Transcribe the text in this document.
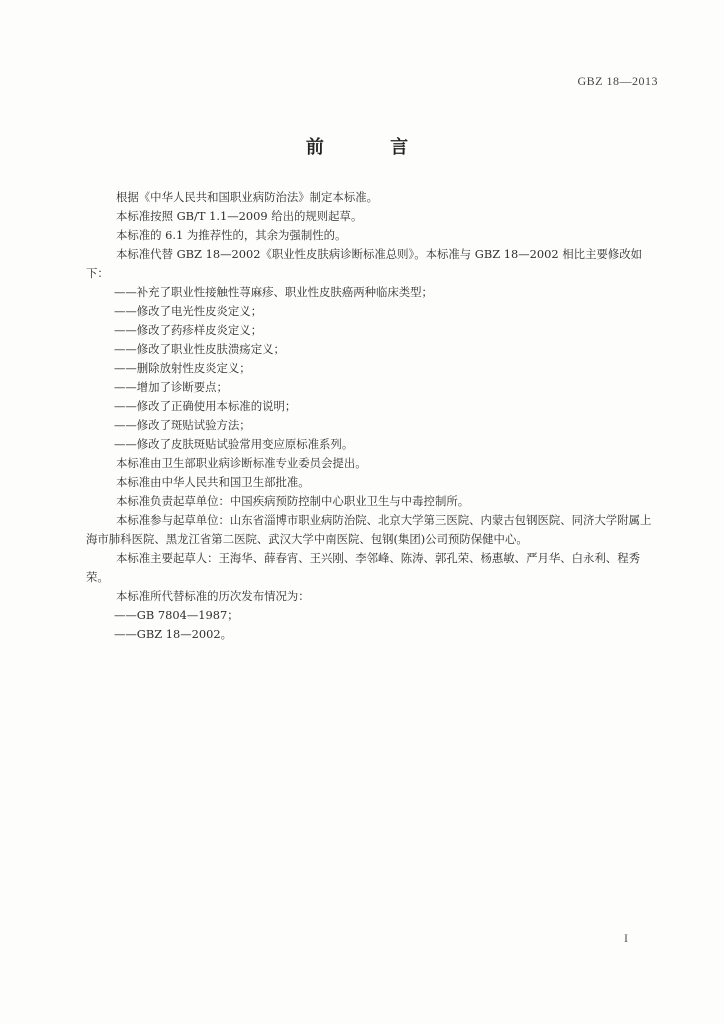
GBZ 18—2013
前 言

根据《中华人民共和国职业病防治法》制定本标准。

本标准按照 GB/T 1.1—2009 给出的规则起草。

本标准的 6.1 为推荐性的，其余为强制性的。

本标准代替 GBZ 18—2002《职业性皮肤病诊断标准总则》。本标准与 GBZ 18—2002 相比主要修改如下：

——补充了职业性接触性荨麻疹、职业性皮肤癌两种临床类型；

——修改了电光性皮炎定义；

——修改了药疹样皮炎定义；

——修改了职业性皮肤溃疡定义；

——删除放射性皮炎定义；

——增加了诊断要点；

——修改了正确使用本标准的说明；

——修改了斑贴试验方法；

——修改了皮肤斑贴试验常用变应原标准系列。

本标准由卫生部职业病诊断标准专业委员会提出。

本标准由中华人民共和国卫生部批准。

本标准负责起草单位：中国疾病预防控制中心职业卫生与中毒控制所。

本标准参与起草单位：山东省淄博市职业病防治院、北京大学第三医院、内蒙古包钢医院、同济大学附属上海市肺科医院、黑龙江省第二医院、武汉大学中南医院、包钢(集团)公司预防保健中心。

本标准主要起草人：王海华、薛春宵、王兴刚、李邻峰、陈涛、郭孔荣、杨惠敏、严月华、白永利、程秀荣。

本标准所代替标准的历次发布情况为：

——GB 7804—1987；

——GBZ 18—2002。

I
